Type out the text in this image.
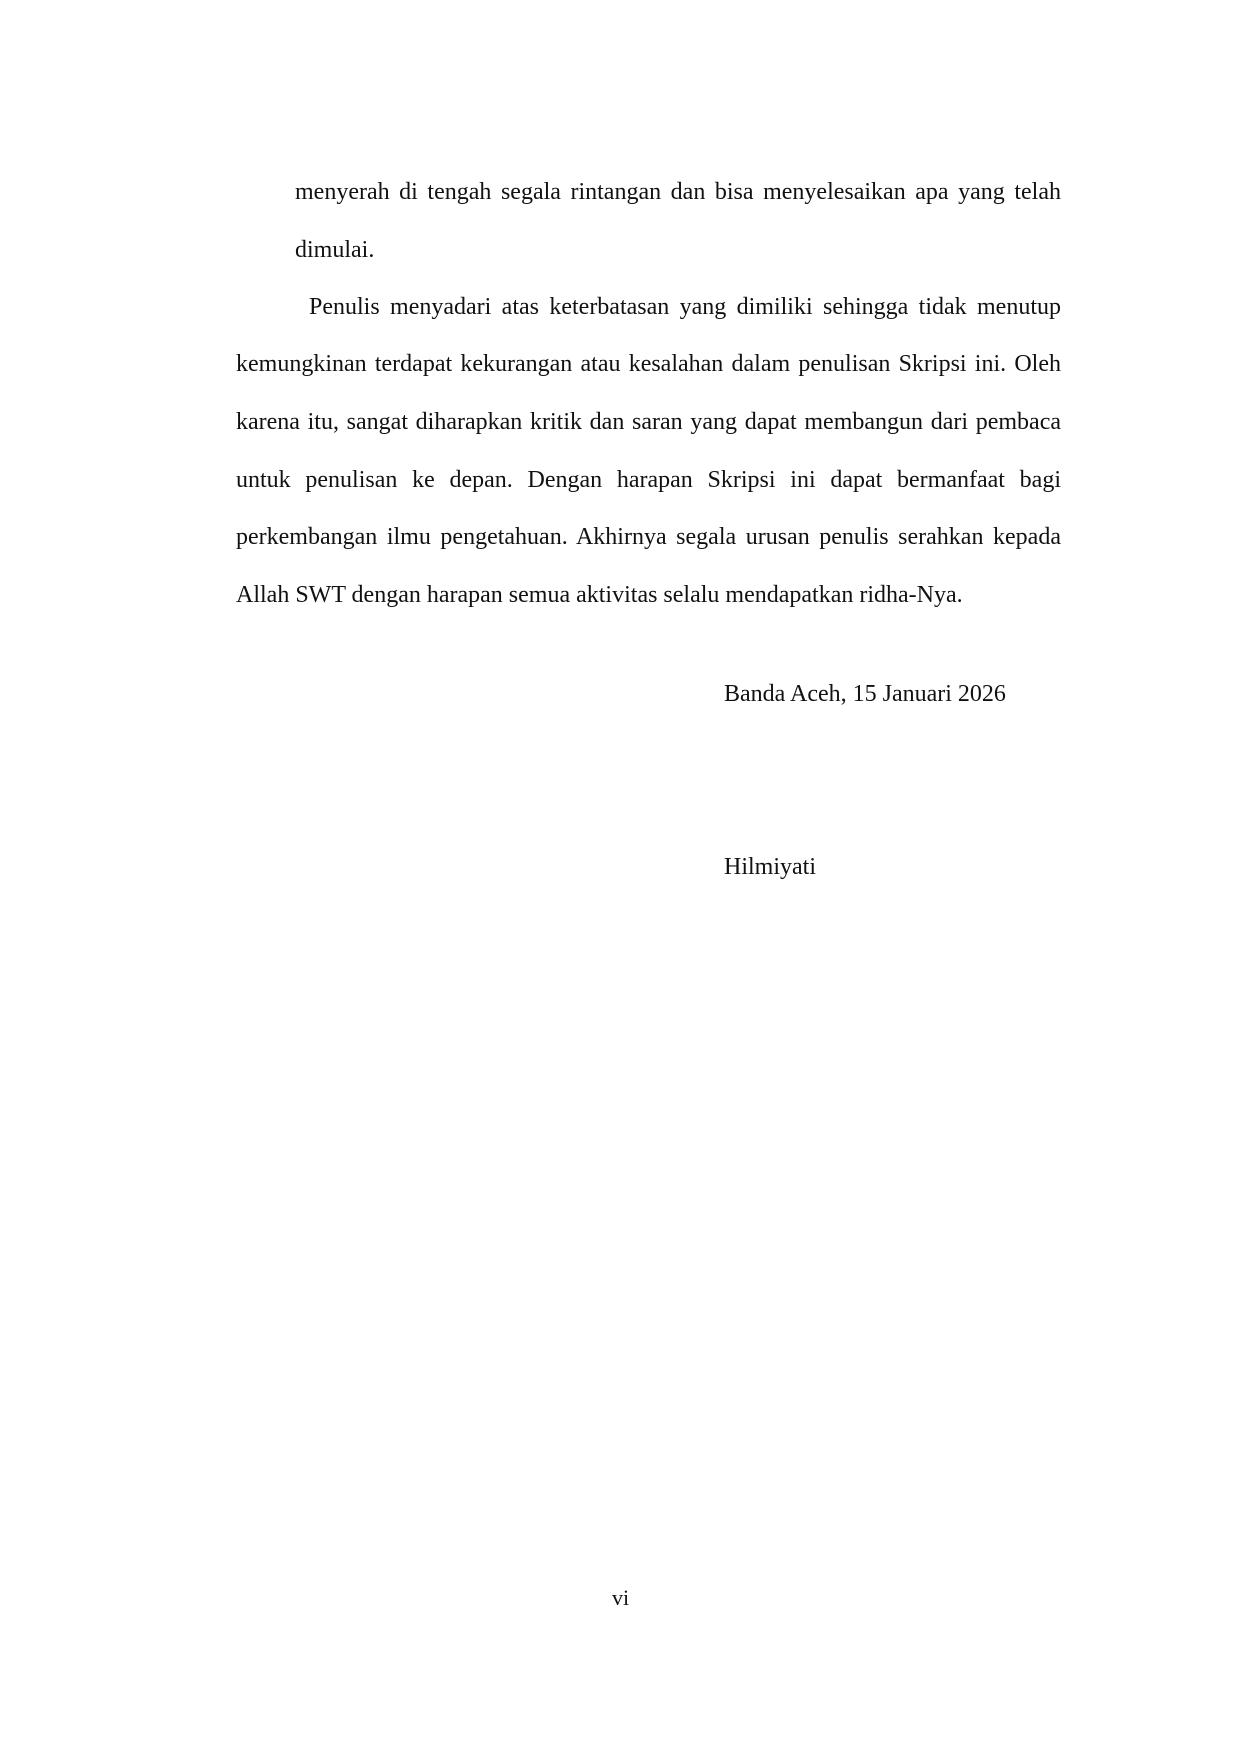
menyerah di tengah segala rintangan dan bisa menyelesaikan apa yang telah
dimulai.
Penulis menyadari atas keterbatasan yang dimiliki sehingga tidak menutup
kemungkinan terdapat kekurangan atau kesalahan dalam penulisan Skripsi ini. Oleh
karena itu, sangat diharapkan kritik dan saran yang dapat membangun dari pembaca
untuk penulisan ke depan. Dengan harapan Skripsi ini dapat bermanfaat bagi
perkembangan ilmu pengetahuan. Akhirnya segala urusan penulis serahkan kepada
Allah SWT dengan harapan semua aktivitas selalu mendapatkan ridha-Nya.
Banda Aceh, 15 Januari 2026
Hilmiyati
vi
